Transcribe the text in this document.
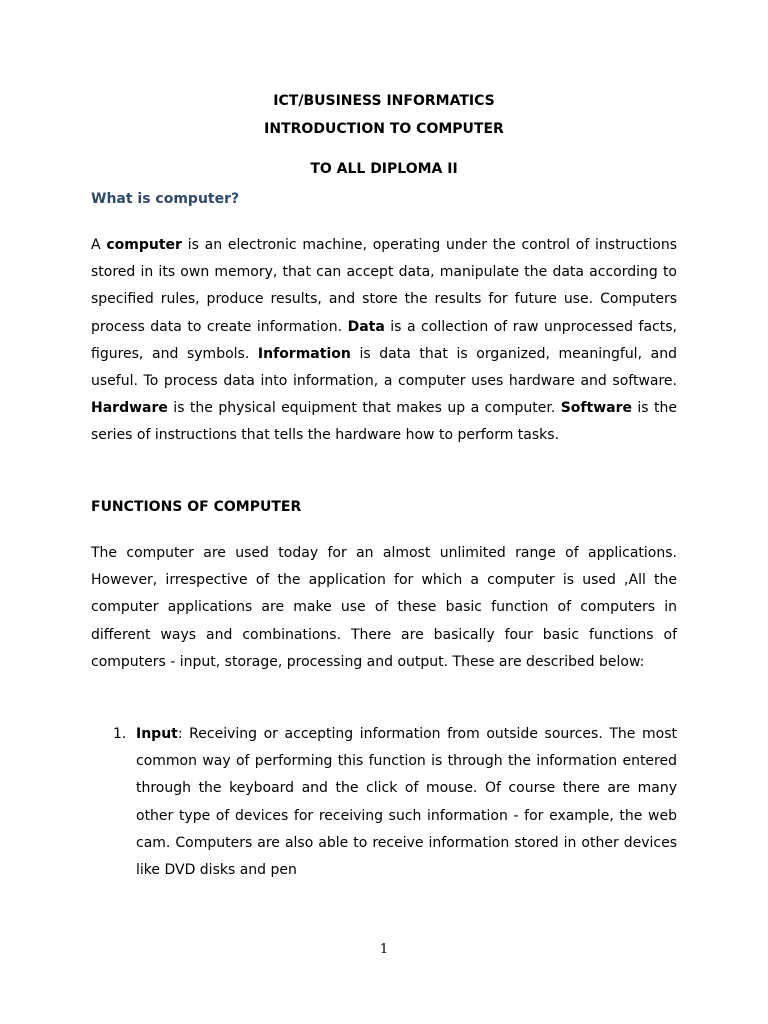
ICT/BUSINESS INFORMATICS

INTRODUCTION TO COMPUTER

TO ALL DIPLOMA II

What is computer?

A computer is an electronic machine, operating under the control of instructions stored in its own memory, that can accept data, manipulate the data according to specified rules, produce results, and store the results for future use. Computers process data to create information. Data is a collection of raw unprocessed facts, figures, and symbols. Information is data that is organized, meaningful, and useful. To process data into information, a computer uses hardware and software. Hardware is the physical equipment that makes up a computer. Software is the series of instructions that tells the hardware how to perform tasks.

FUNCTIONS OF COMPUTER

The computer are used today for an almost unlimited range of applications. However, irrespective of the application for which a computer is used ,All the computer applications are make use of these basic function of computers in different ways and combinations. There are basically four basic functions of computers - input, storage, processing and output. These are described below:

1. Input: Receiving or accepting information from outside sources. The most common way of performing this function is through the information entered through the keyboard and the click of mouse. Of course there are many other type of devices for receiving such information - for example, the web cam. Computers are also able to receive information stored in other devices like DVD disks and pen

1
